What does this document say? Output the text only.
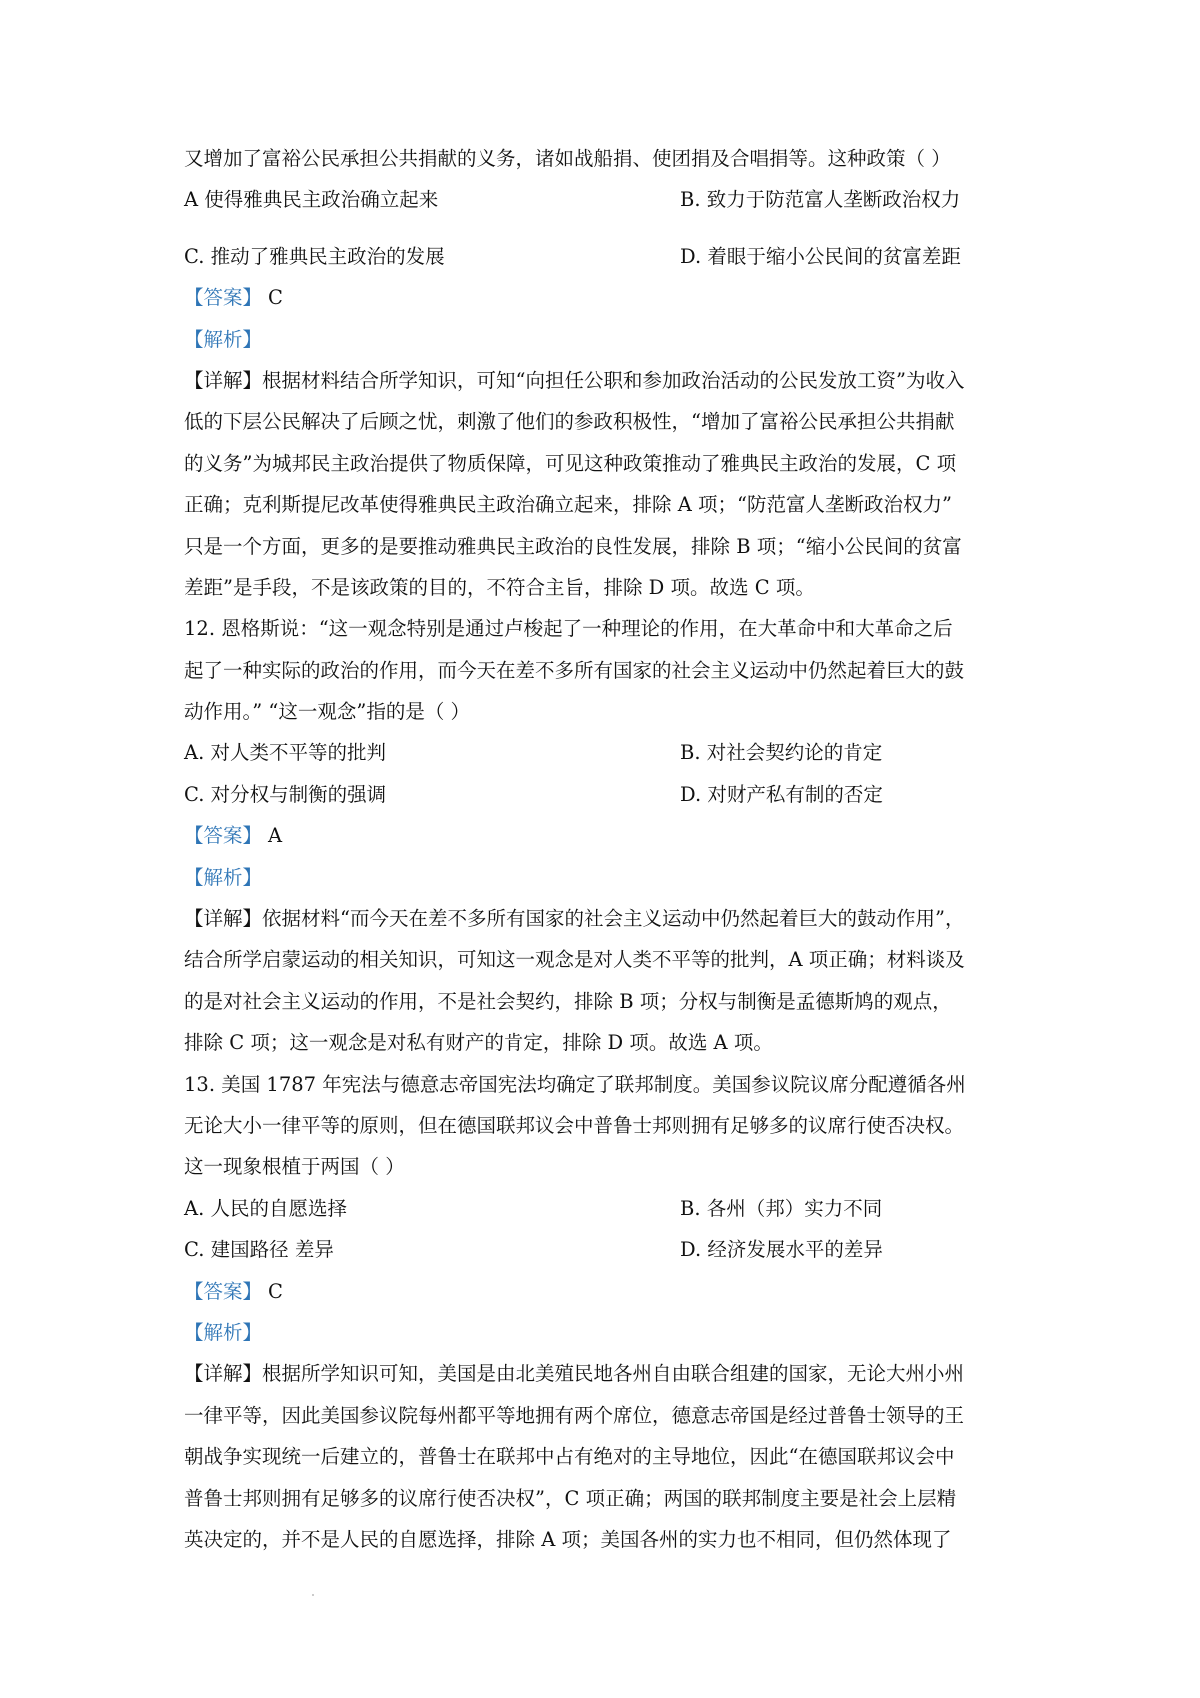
又增加了富裕公民承担公共捐献的义务，诸如战船捐、使团捐及合唱捐等。这种政策（ ）
A 使得雅典民主政治确立起来	B. 致力于防范富人垄断政治权力
C. 推动了雅典民主政治的发展	D. 着眼于缩小公民间的贫富差距
【答案】 C
【解析】
【详解】根据材料结合所学知识，可知“向担任公职和参加政治活动的公民发放工资”为收入
低的下层公民解决了后顾之忧，刺激了他们的参政积极性，“增加了富裕公民承担公共捐献
的义务”为城邦民主政治提供了物质保障，可见这种政策推动了雅典民主政治的发展，C 项
正确；克利斯提尼改革使得雅典民主政治确立起来，排除 A 项；“防范富人垄断政治权力”
只是一个方面，更多的是要推动雅典民主政治的良性发展，排除 B 项；“缩小公民间的贫富
差距”是手段，不是该政策的目的，不符合主旨，排除 D 项。故选 C 项。
12. 恩格斯说：“这一观念特别是通过卢梭起了一种理论的作用，在大革命中和大革命之后
起了一种实际的政治的作用，而今天在差不多所有国家的社会主义运动中仍然起着巨大的鼓
动作用。” “这一观念”指的是（ ）
A. 对人类不平等的批判	B. 对社会契约论的肯定
C. 对分权与制衡的强调	D. 对财产私有制的否定
【答案】 A
【解析】
【详解】依据材料“而今天在差不多所有国家的社会主义运动中仍然起着巨大的鼓动作用”，
结合所学启蒙运动的相关知识，可知这一观念是对人类不平等的批判，A 项正确；材料谈及
的是对社会主义运动的作用，不是社会契约，排除 B 项；分权与制衡是孟德斯鸠的观点，
排除 C 项；这一观念是对私有财产的肯定，排除 D 项。故选 A 项。
13. 美国 1787 年宪法与德意志帝国宪法均确定了联邦制度。美国参议院议席分配遵循各州
无论大小一律平等的原则，但在德国联邦议会中普鲁士邦则拥有足够多的议席行使否决权。
这一现象根植于两国（ ）
A. 人民的自愿选择	B. 各州（邦）实力不同
C. 建国路径 差异	D. 经济发展水平的差异
【答案】 C
【解析】
【详解】根据所学知识可知，美国是由北美殖民地各州自由联合组建的国家，无论大州小州
一律平等，因此美国参议院每州都平等地拥有两个席位，德意志帝国是经过普鲁士领导的王
朝战争实现统一后建立的，普鲁士在联邦中占有绝对的主导地位，因此“在德国联邦议会中
普鲁士邦则拥有足够多的议席行使否决权”，C 项正确；两国的联邦制度主要是社会上层精
英决定的，并不是人民的自愿选择，排除 A 项；美国各州的实力也不相同，但仍然体现了
